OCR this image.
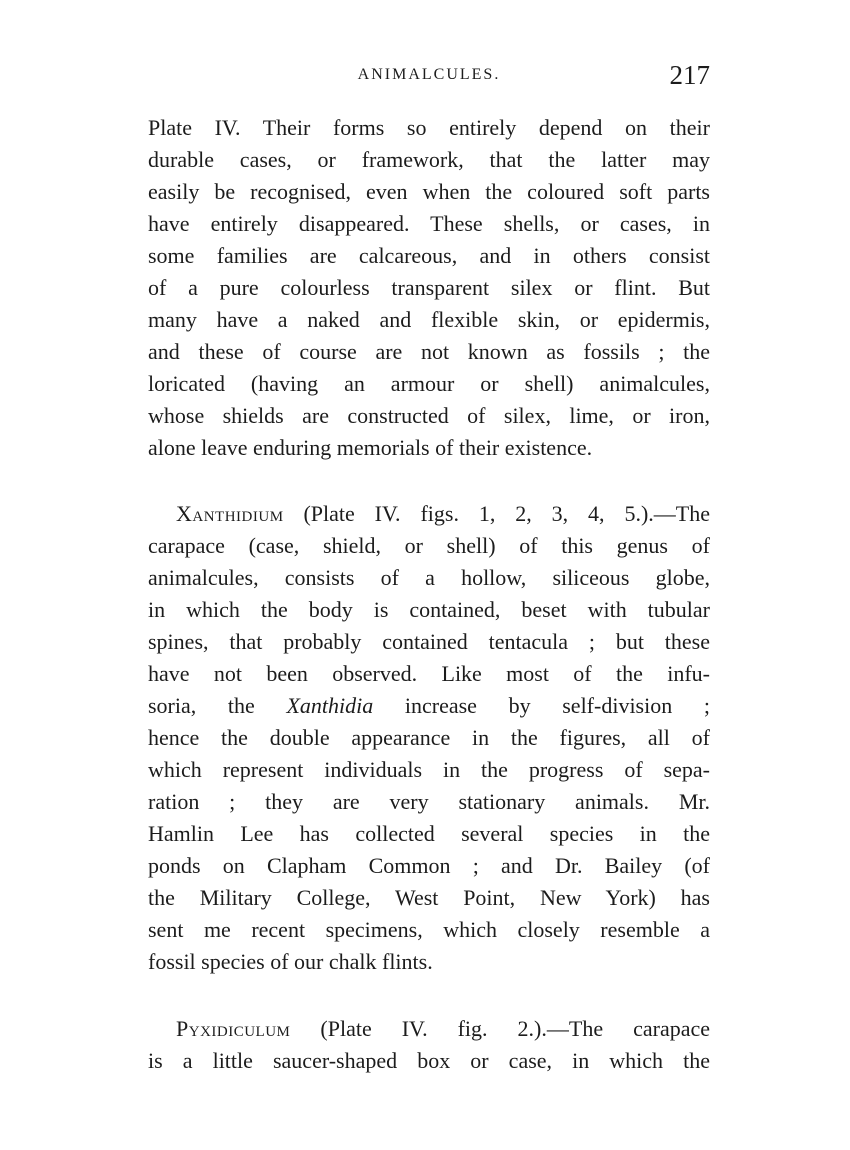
ANIMALCULES.	217
Plate IV. Their forms so entirely depend on their
durable cases, or framework, that the latter may
easily be recognised, even when the coloured soft parts
have entirely disappeared. These shells, or cases, in
some families are calcareous, and in others consist
of a pure colourless transparent silex or flint. But
many have a naked and flexible skin, or epidermis,
and these of course are not known as fossils ; the
loricated (having an armour or shell) animalcules,
whose shields are constructed of silex, lime, or iron,
alone leave enduring memorials of their existence.
Xanthidium (Plate IV. figs. 1, 2, 3, 4, 5.).—The
carapace (case, shield, or shell) of this genus of
animalcules, consists of a hollow, siliceous globe,
in which the body is contained, beset with tubular
spines, that probably contained tentacula ; but these
have not been observed. Like most of the infu-
soria, the Xanthidia increase by self-division ;
hence the double appearance in the figures, all of
which represent individuals in the progress of sepa-
ration ; they are very stationary animals. Mr.
Hamlin Lee has collected several species in the
ponds on Clapham Common ; and Dr. Bailey (of
the Military College, West Point, New York) has
sent me recent specimens, which closely resemble a
fossil species of our chalk flints.
Pyxidiculum (Plate IV. fig. 2.).—The carapace
is a little saucer-shaped box or case, in which the
